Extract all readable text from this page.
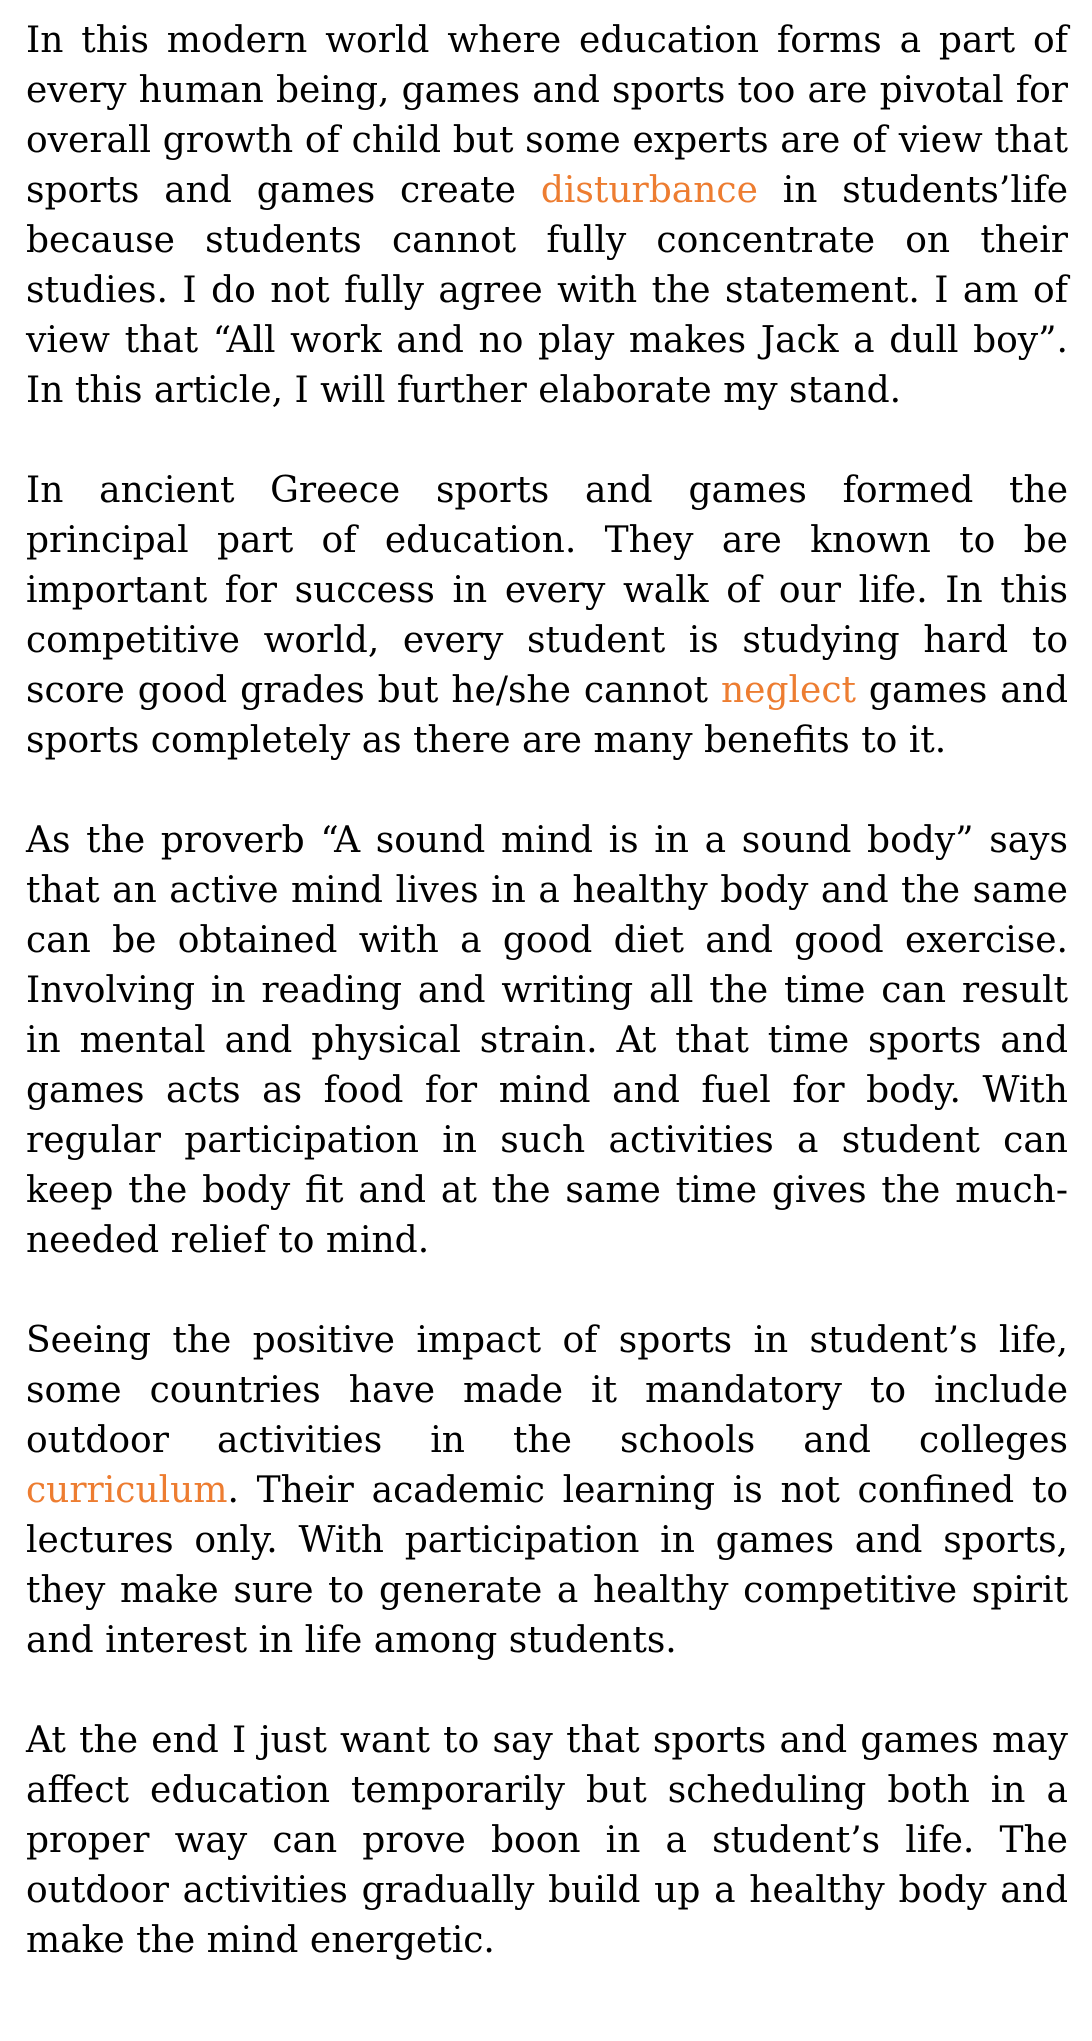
In this modern world where education forms a part of every human being, games and sports too are pivotal for overall growth of child but some experts are of view that sports and games create disturbance in students’life because students cannot fully concentrate on their studies. I do not fully agree with the statement. I am of view that “All work and no play makes Jack a dull boy”. In this article, I will further elaborate my stand.

In ancient Greece sports and games formed the principal part of education. They are known to be important for success in every walk of our life. In this competitive world, every student is studying hard to score good grades but he/she cannot neglect games and sports completely as there are many benefits to it.

As the proverb “A sound mind is in a sound body” says that an active mind lives in a healthy body and the same can be obtained with a good diet and good exercise. Involving in reading and writing all the time can result in mental and physical strain. At that time sports and games acts as food for mind and fuel for body. With regular participation in such activities a student can keep the body fit and at the same time gives the much-needed relief to mind.

Seeing the positive impact of sports in student’s life, some countries have made it mandatory to include outdoor activities in the schools and colleges curriculum. Their academic learning is not confined to lectures only. With participation in games and sports, they make sure to generate a healthy competitive spirit and interest in life among students.

At the end I just want to say that sports and games may affect education temporarily but scheduling both in a proper way can prove boon in a student’s life. The outdoor activities gradually build up a healthy body and make the mind energetic.
